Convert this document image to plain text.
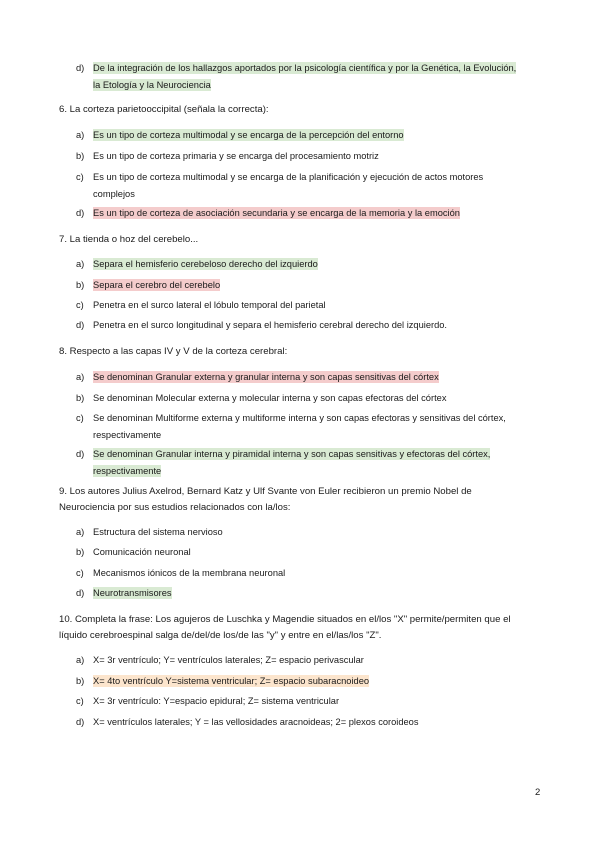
d) De la integración de los hallazgos aportados por la psicología científica y por la Genética, la Evolución, la Etología y la Neurociencia
6. La corteza parietooccipital (señala la correcta):
a) Es un tipo de corteza multimodal y se encarga de la percepción del entorno
b) Es un tipo de corteza primaria y se encarga del procesamiento motriz
c) Es un tipo de corteza multimodal y se encarga de la planificación y ejecución de actos motores complejos
d) Es un tipo de corteza de asociación secundaria y se encarga de la memoria y la emoción
7. La tienda o hoz del cerebelo...
a) Separa el hemisferio cerebeloso derecho del izquierdo
b) Separa el cerebro del cerebelo
c) Penetra en el surco lateral el lóbulo temporal del parietal
d) Penetra en el surco longitudinal y separa el hemisferio cerebral derecho del izquierdo.
8. Respecto a las capas IV y V de la corteza cerebral:
a) Se denominan Granular externa y granular interna y son capas sensitivas del córtex
b) Se denominan Molecular externa y molecular interna y son capas efectoras del córtex
c) Se denominan Multiforme externa y multiforme interna y son capas efectoras y sensitivas del córtex, respectivamente
d) Se denominan Granular interna y piramidal interna y son capas sensitivas y efectoras del córtex, respectivamente
9. Los autores Julius Axelrod, Bernard Katz y Ulf Svante von Euler recibieron un premio Nobel de Neurociencia por sus estudios relacionados con la/los:
a) Estructura del sistema nervioso
b) Comunicación neuronal
c) Mecanismos iónicos de la membrana neuronal
d) Neurotransmisores
10. Completa la frase: Los agujeros de Luschka y Magendie situados en el/los "X" permite/permiten que el líquido cerebroespinal salga de/del/de los/de las "y" y entre en el/las/los "Z".
a) X= 3r ventrículo; Y= ventrículos laterales; Z= espacio perivascular
b) X= 4to ventrículo Y=sistema ventricular; Z= espacio subaracnoideo
c) X= 3r ventrículo: Y=espacio epidural; Z= sistema ventricular
d) X= ventrículos laterales; Y = las vellosidades aracnoideas; 2= plexos coroideos
2
